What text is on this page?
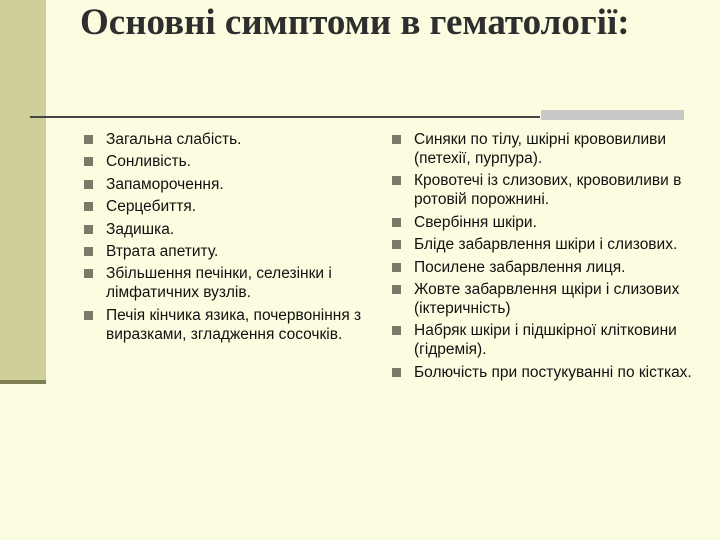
Основні симптоми в гематології:
Загальна слабість.
Сонливість.
Запаморочення.
Серцебиття.
Задишка.
Втрата апетиту.
Збільшення печінки, селезінки і лімфатичних вузлів.
Печія кінчика язика, почервоніння з виразками, згладження сосочків.
Синяки по тілу, шкірні крововиливи (петехії, пурпура).
Кровотечі із слизових, крововиливи в ротовій порожнині.
Свербіння шкіри.
Бліде забарвлення шкіри і слизових.
Посилене забарвлення лиця.
Жовте забарвлення щкіри і слизових (іктеричність)
Набряк шкіри і підшкірної клітковини (гідремія).
Болючість при постукуванні по кістках.
